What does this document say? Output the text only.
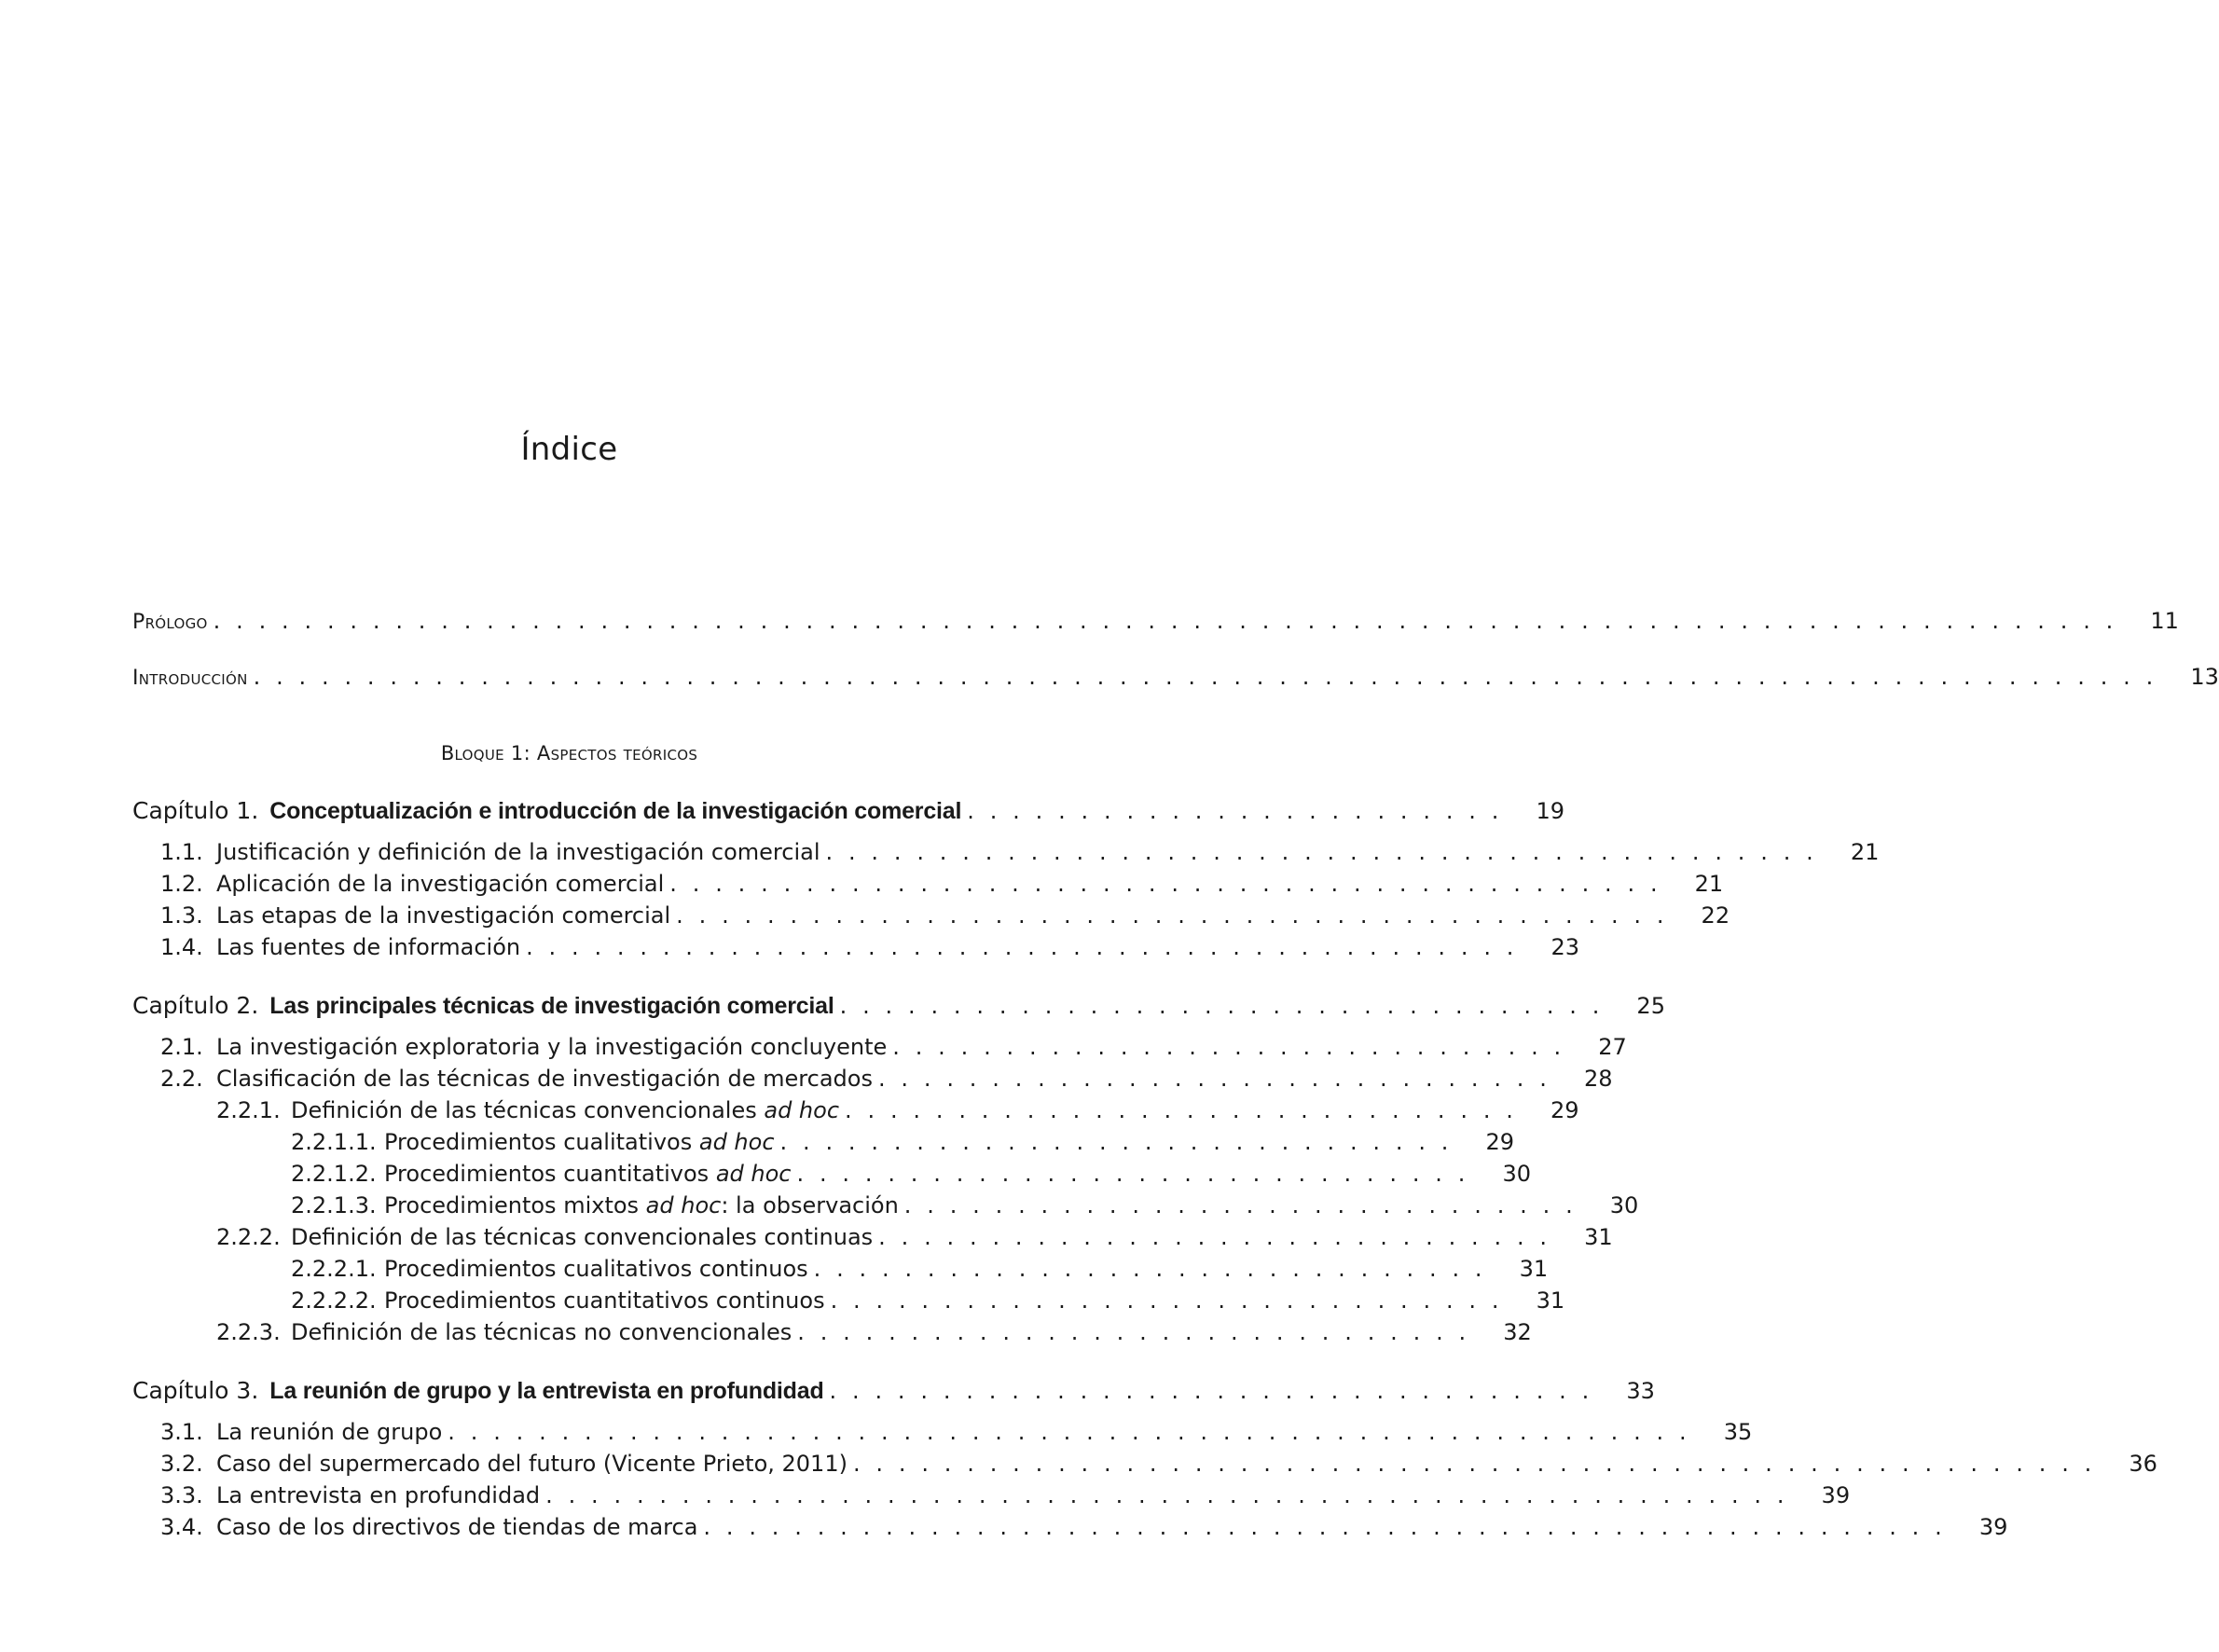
Índice
Prólogo . . . . . . . . . . . . . . . . . . . . . . . . . . . . . . . . . . . . . . . . . . . . . . . . . . . . . . . . . . . . . . . . . . . . . . . . . . . . . . . . . . . .	11
Introducción . . . . . . . . . . . . . . . . . . . . . . . . . . . . . . . . . . . . . . . . . . . . . . . . . . . . . . . . . . . . . . . . . . . . . . . . . . . . . . . . . . . .	13
Bloque 1: Aspectos teóricos
Capítulo 1. Conceptualización e introducción de la investigación comercial . . . . . . . . . . . . . . . . . . . . . . . .	19
1.1. Justificación y definición de la investigación comercial . . . . . . . . . . . . . . . . . . . . . . . . . . . . . . . . . . . . . . . . . . . .	21
1.2. Aplicación de la investigación comercial . . . . . . . . . . . . . . . . . . . . . . . . . . . . . . . . . . . . . . . . . . . .	21
1.3. Las etapas de la investigación comercial . . . . . . . . . . . . . . . . . . . . . . . . . . . . . . . . . . . . . . . . . . . .	22
1.4. Las fuentes de información . . . . . . . . . . . . . . . . . . . . . . . . . . . . . . . . . . . . . . . . . . . .	23
Capítulo 2. Las principales técnicas de investigación comercial . . . . . . . . . . . . . . . . . . . . . . . . . . . . . . . . . .	25
2.1. La investigación exploratoria y la investigación concluyente . . . . . . . . . . . . . . . . . . . . . . . . . . . . . .	27
2.2. Clasificación de las técnicas de investigación de mercados . . . . . . . . . . . . . . . . . . . . . . . . . . . . . .	28
2.2.1. Definición de las técnicas convencionales ad hoc . . . . . . . . . . . . . . . . . . . . . . . . . . . . . .	29
2.2.1.1. Procedimientos cualitativos ad hoc . . . . . . . . . . . . . . . . . . . . . . . . . . . . . .	29
2.2.1.2. Procedimientos cuantitativos ad hoc . . . . . . . . . . . . . . . . . . . . . . . . . . . . . .	30
2.2.1.3. Procedimientos mixtos ad hoc: la observación . . . . . . . . . . . . . . . . . . . . . . . . . . . . . .	30
2.2.2. Definición de las técnicas convencionales continuas . . . . . . . . . . . . . . . . . . . . . . . . . . . . . .	31
2.2.2.1. Procedimientos cualitativos continuos . . . . . . . . . . . . . . . . . . . . . . . . . . . . . .	31
2.2.2.2. Procedimientos cuantitativos continuos . . . . . . . . . . . . . . . . . . . . . . . . . . . . . .	31
2.2.3. Definición de las técnicas no convencionales . . . . . . . . . . . . . . . . . . . . . . . . . . . . . .	32
Capítulo 3. La reunión de grupo y la entrevista en profundidad . . . . . . . . . . . . . . . . . . . . . . . . . . . . . . . . . .	33
3.1. La reunión de grupo . . . . . . . . . . . . . . . . . . . . . . . . . . . . . . . . . . . . . . . . . . . . . . . . . . . . . . .	35
3.2. Caso del supermercado del futuro (Vicente Prieto, 2011) . . . . . . . . . . . . . . . . . . . . . . . . . . . . . . . . . . . . . . . . . . . . . . . . . . . . . . .	36
3.3. La entrevista en profundidad . . . . . . . . . . . . . . . . . . . . . . . . . . . . . . . . . . . . . . . . . . . . . . . . . . . . . . .	39
3.4. Caso de los directivos de tiendas de marca . . . . . . . . . . . . . . . . . . . . . . . . . . . . . . . . . . . . . . . . . . . . . . . . . . . . . . .	39
